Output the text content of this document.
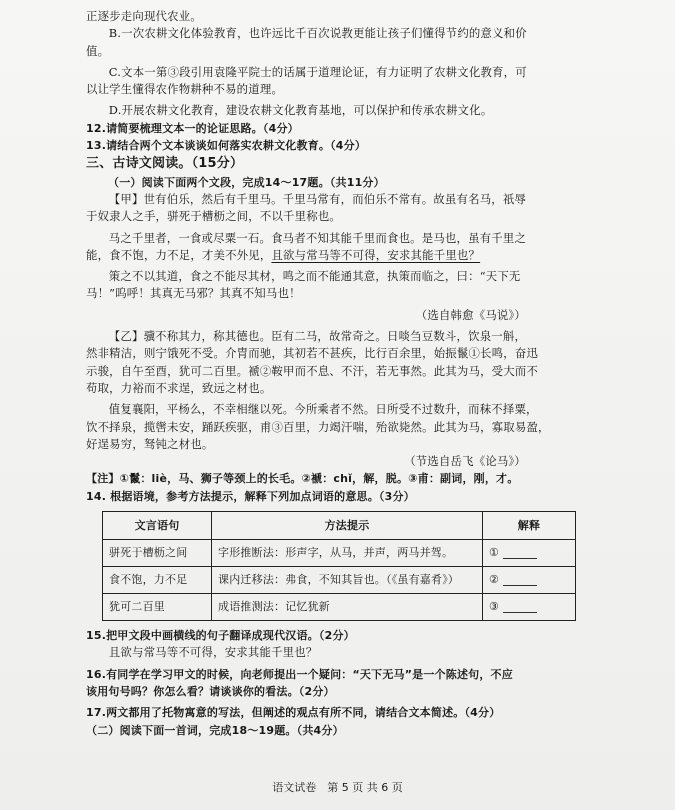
正逐步走向现代农业。

B.一次农耕文化体验教育，也许远比千百次说教更能让孩子们懂得节约的意义和价

值。

C.文本一第③段引用袁隆平院士的话属于道理论证，有力证明了农耕文化教育，可

以让学生懂得农作物耕种不易的道理。

D.开展农耕文化教育，建设农耕文化教育基地，可以保护和传承农耕文化。

12.请简要梳理文本一的论证思路。（4分）

13.请结合两个文本谈谈如何落实农耕文化教育。（4分）

三、古诗文阅读。（15分）

（一）阅读下面两个文段，完成14～17题。（共11分）

【甲】世有伯乐，然后有千里马。千里马常有，而伯乐不常有。故虽有名马，祇辱

于奴隶人之手，骈死于槽枥之间，不以千里称也。

马之千里者，一食或尽粟一石。食马者不知其能千里而食也。是马也，虽有千里之

能，食不饱，力不足，才美不外见，且欲与常马等不可得，安求其能千里也？

策之不以其道，食之不能尽其材，鸣之而不能通其意，执策而临之，曰：“天下无

马！”呜呼！其真无马邪？其真不知马也！

（选自韩愈《马说》）

【乙】骥不称其力，称其德也。臣有二马，故常奇之。日啖刍豆数斗，饮泉一斛，

然非精洁，则宁饿死不受。介胄而驰，其初若不甚疾，比行百余里，始振鬣①长鸣，奋迅

示骏，自午至酉，犹可二百里。褫②鞍甲而不息、不汗，若无事然。此其为马，受大而不

苟取，力裕而不求逞，致远之材也。

值复襄阳，平杨么，不幸相继以死。今所乘者不然。日所受不过数升，而秣不择粟，

饮不择泉，揽辔未安，踊跃疾驱，甫③百里，力竭汗喘，殆欲毙然。此其为马，寡取易盈，

好逞易穷，驽钝之材也。

（节选自岳飞《论马》）

【注】①鬣：liè，马、狮子等颈上的长毛。②褫：chǐ，解，脱。③甫：副词，刚，才。

14. 根据语境，参考方法提示，解释下列加点词语的意思。（3分）

文言语句	方法提示	解释
骈死于槽枥之间	字形推断法：形声字，从马，并声，两马并驾。	①
食不饱，力不足	课内迁移法：弗食，不知其旨也。（《虽有嘉肴》）	②
犹可二百里	成语推测法：记忆犹新	③

15.把甲文段中画横线的句子翻译成现代汉语。（2分）

且欲与常马等不可得，安求其能千里也？

16.有同学在学习甲文的时候，向老师提出一个疑问：“天下无马”是一个陈述句，不应

该用句号吗？你怎么看？请谈谈你的看法。（2分）

17.两文都用了托物寓意的写法，但阐述的观点有所不同，请结合文本简述。（4分）

（二）阅读下面一首词，完成18～19题。（共4分）

语文试卷　第 5 页 共 6 页
